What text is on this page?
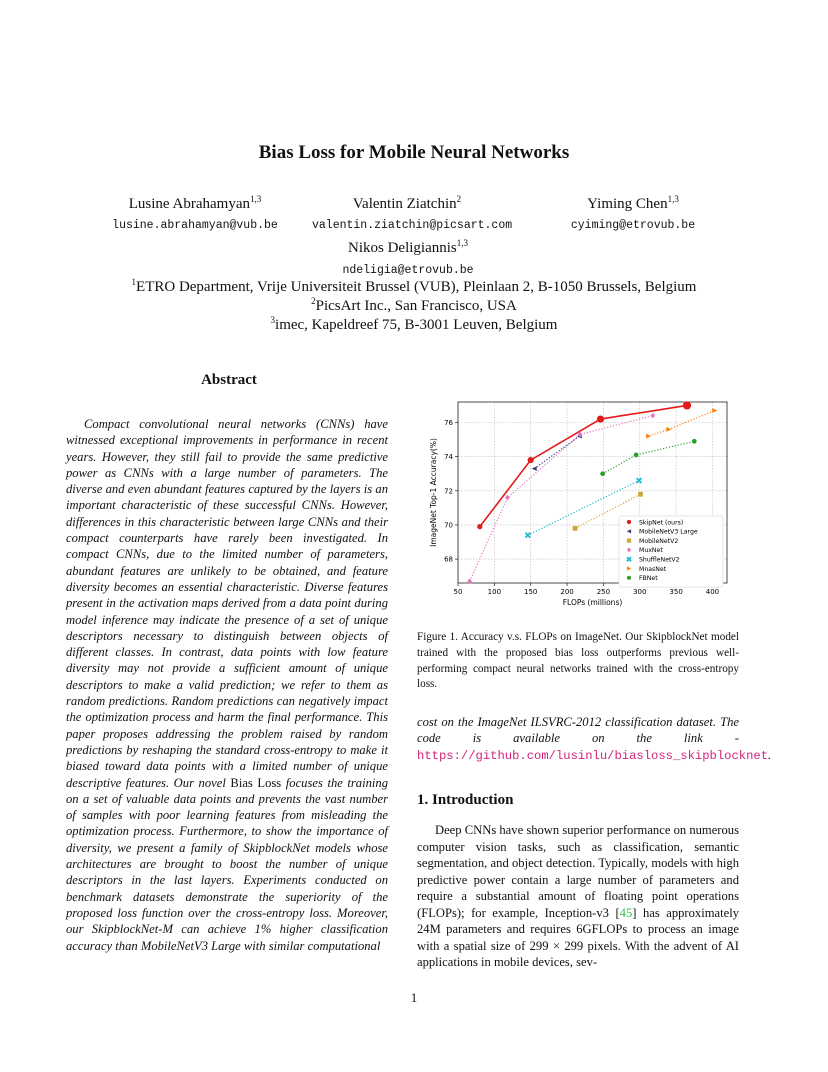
Bias Loss for Mobile Neural Networks
Lusine Abrahamyan$^{1,3}$
lusine.abrahamyan@vub.be
Valentin Ziatchin$^2$
valentin.ziatchin@picsart.com
Yiming Chen$^{1,3}$
cyiming@etrovub.be
Nikos Deligiannis$^{1,3}$
ndeligia@etrovub.be
$^1$ETRO Department, Vrije Universiteit Brussel (VUB), Pleinlaan 2, B-1050 Brussels, Belgium
$^2$PicsArt Inc., San Francisco, USA
$^3$imec, Kapeldreef 75, B-3001 Leuven, Belgium
Abstract

Compact convolutional neural networks (CNNs) have witnessed exceptional improvements in performance in recent years. However, they still fail to provide the same predictive power as CNNs with a large number of parameters. The diverse and even abundant features captured by the layers is an important characteristic of these successful CNNs. However, differences in this characteristic between large CNNs and their compact counterparts have rarely been investigated. In compact CNNs, due to the limited number of parameters, abundant features are unlikely to be obtained, and feature diversity becomes an essential characteristic. Diverse features present in the activation maps derived from a data point during model inference may indicate the presence of a set of unique descriptors necessary to distinguish between objects of different classes. In contrast, data points with low feature diversity may not provide a sufficient amount of unique descriptors to make a valid prediction; we refer to them as random predictions. Random predictions can negatively impact the optimization process and harm the final performance. This paper proposes addressing the problem raised by random predictions by reshaping the standard cross-entropy to make it biased toward data points with a limited number of unique descriptive features. Our novel Bias Loss focuses the training on a set of valuable data points and prevents the vast number of samples with poor learning features from misleading the optimization process. Furthermore, to show the importance of diversity, we present a family of SkipblockNet models whose architectures are brought to boost the number of unique descriptors in the last layers. Experiments conducted on benchmark datasets demonstrate the superiority of the proposed loss function over the cross-entropy loss. Moreover, our SkipblockNet-M can achieve 1% higher classification accuracy than MobileNetV3 Large with similar computational

50	100	150	200	250	300	350	400
68
70
72
74
76
FLOPs (millions)
ImageNet Top-1 Accuracy(%)	SkipNet (ours)
MobileNetV3 Large
MobileNetV2
MuxNet
ShuffleNetV2
MnasNet
FBNet
Figure 1. Accuracy v.s. FLOPs on ImageNet. Our SkipblockNet model trained with the proposed bias loss outperforms previous well-performing compact neural networks trained with the cross-entropy loss.
cost on the ImageNet ILSVRC-2012 classification dataset. The code is available on the link - https://github.com/lusinlu/biasloss_skipblocknet.
1. Introduction

Deep CNNs have shown superior performance on numerous computer vision tasks, such as classification, semantic segmentation, and object detection. Typically, models with high predictive power contain a large number of parameters and require a substantial amount of floating point operations (FLOPs); for example, Inception-v3 [45] has approximately 24M parameters and requires 6GFLOPs to process an image with a spatial size of 299 × 299 pixels. With the advent of AI applications in mobile devices, sev-

1
